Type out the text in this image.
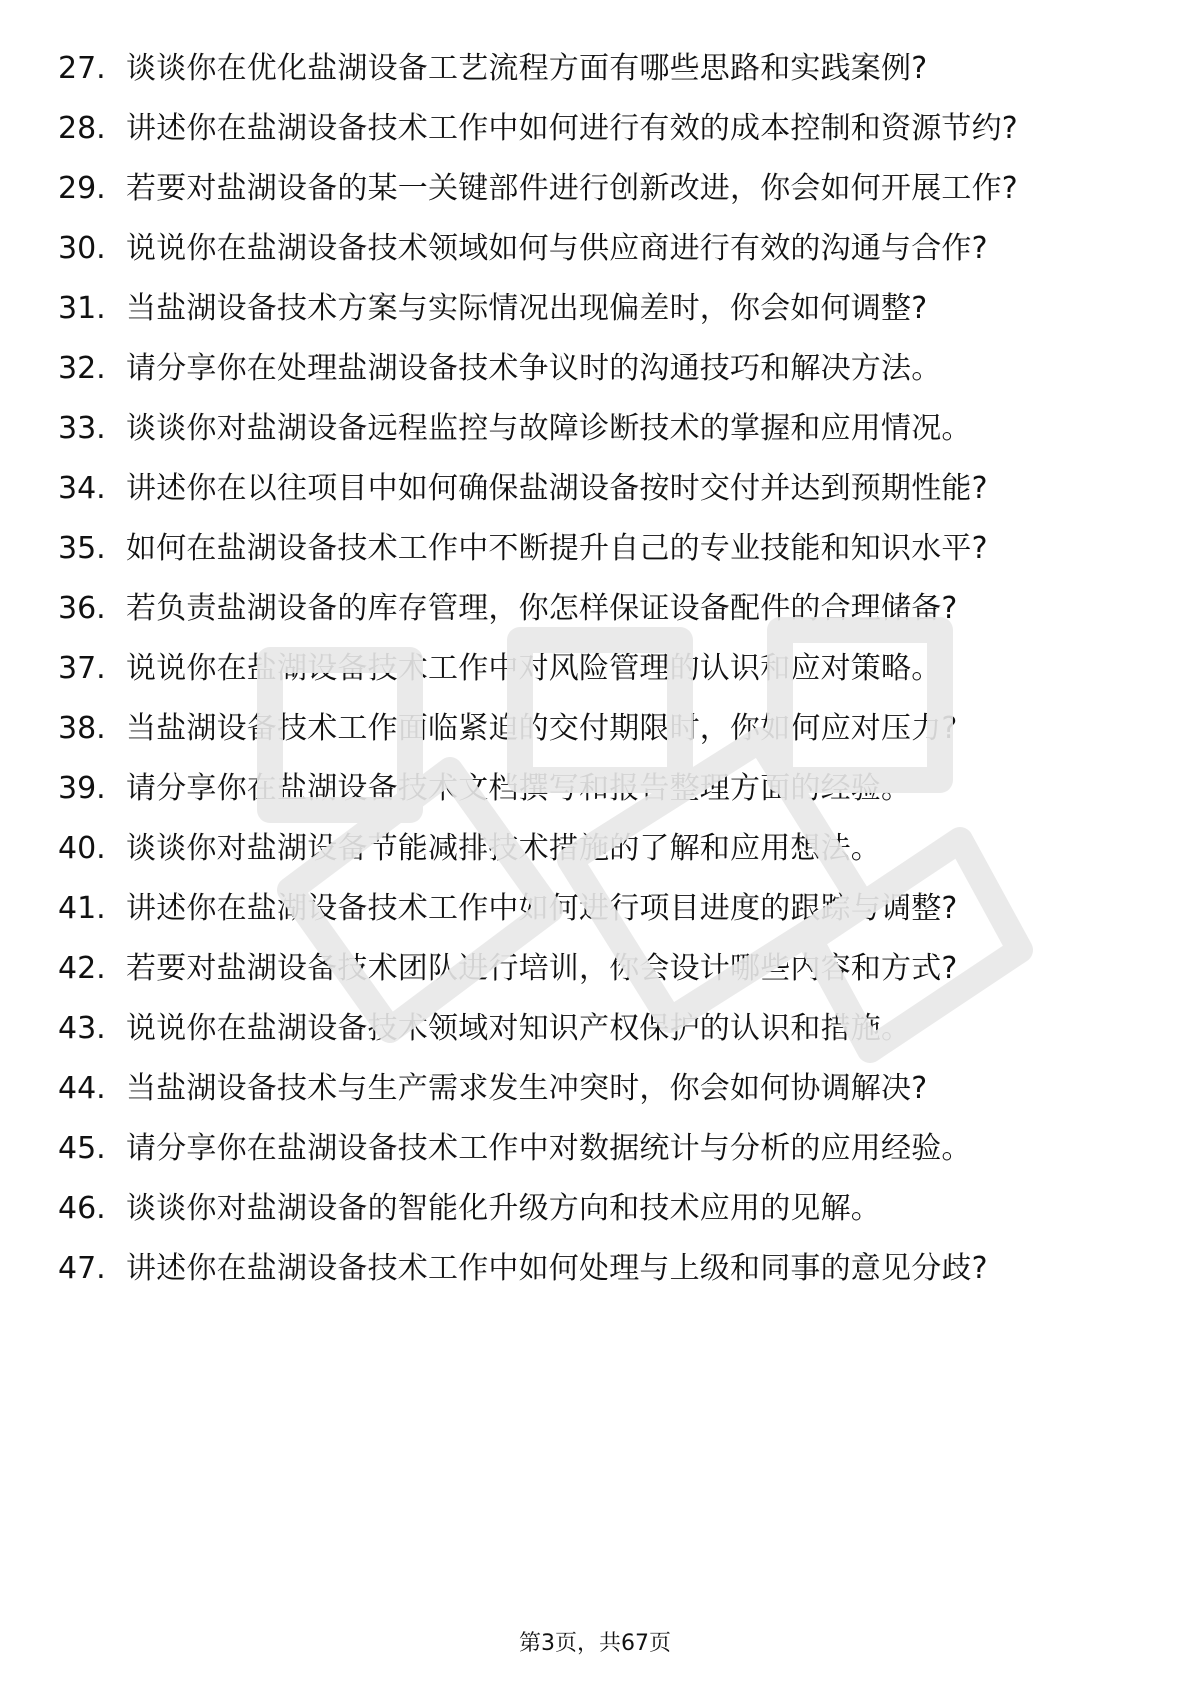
27. 谈谈你在优化盐湖设备工艺流程方面有哪些思路和实践案例?
28. 讲述你在盐湖设备技术工作中如何进行有效的成本控制和资源节约?
29. 若要对盐湖设备的某一关键部件进行创新改进，你会如何开展工作?
30. 说说你在盐湖设备技术领域如何与供应商进行有效的沟通与合作?
31. 当盐湖设备技术方案与实际情况出现偏差时，你会如何调整?
32. 请分享你在处理盐湖设备技术争议时的沟通技巧和解决方法。
33. 谈谈你对盐湖设备远程监控与故障诊断技术的掌握和应用情况。
34. 讲述你在以往项目中如何确保盐湖设备按时交付并达到预期性能?
35. 如何在盐湖设备技术工作中不断提升自己的专业技能和知识水平?
36. 若负责盐湖设备的库存管理，你怎样保证设备配件的合理储备?
37. 说说你在盐湖设备技术工作中对风险管理的认识和应对策略。
38. 当盐湖设备技术工作面临紧迫的交付期限时，你如何应对压力?
39. 请分享你在盐湖设备技术文档撰写和报告整理方面的经验。
40. 谈谈你对盐湖设备节能减排技术措施的了解和应用想法。
41. 讲述你在盐湖设备技术工作中如何进行项目进度的跟踪与调整?
42. 若要对盐湖设备技术团队进行培训，你会设计哪些内容和方式?
43. 说说你在盐湖设备技术领域对知识产权保护的认识和措施。
44. 当盐湖设备技术与生产需求发生冲突时，你会如何协调解决?
45. 请分享你在盐湖设备技术工作中对数据统计与分析的应用经验。
46. 谈谈你对盐湖设备的智能化升级方向和技术应用的见解。
47. 讲述你在盐湖设备技术工作中如何处理与上级和同事的意见分歧?
第3页，共67页
